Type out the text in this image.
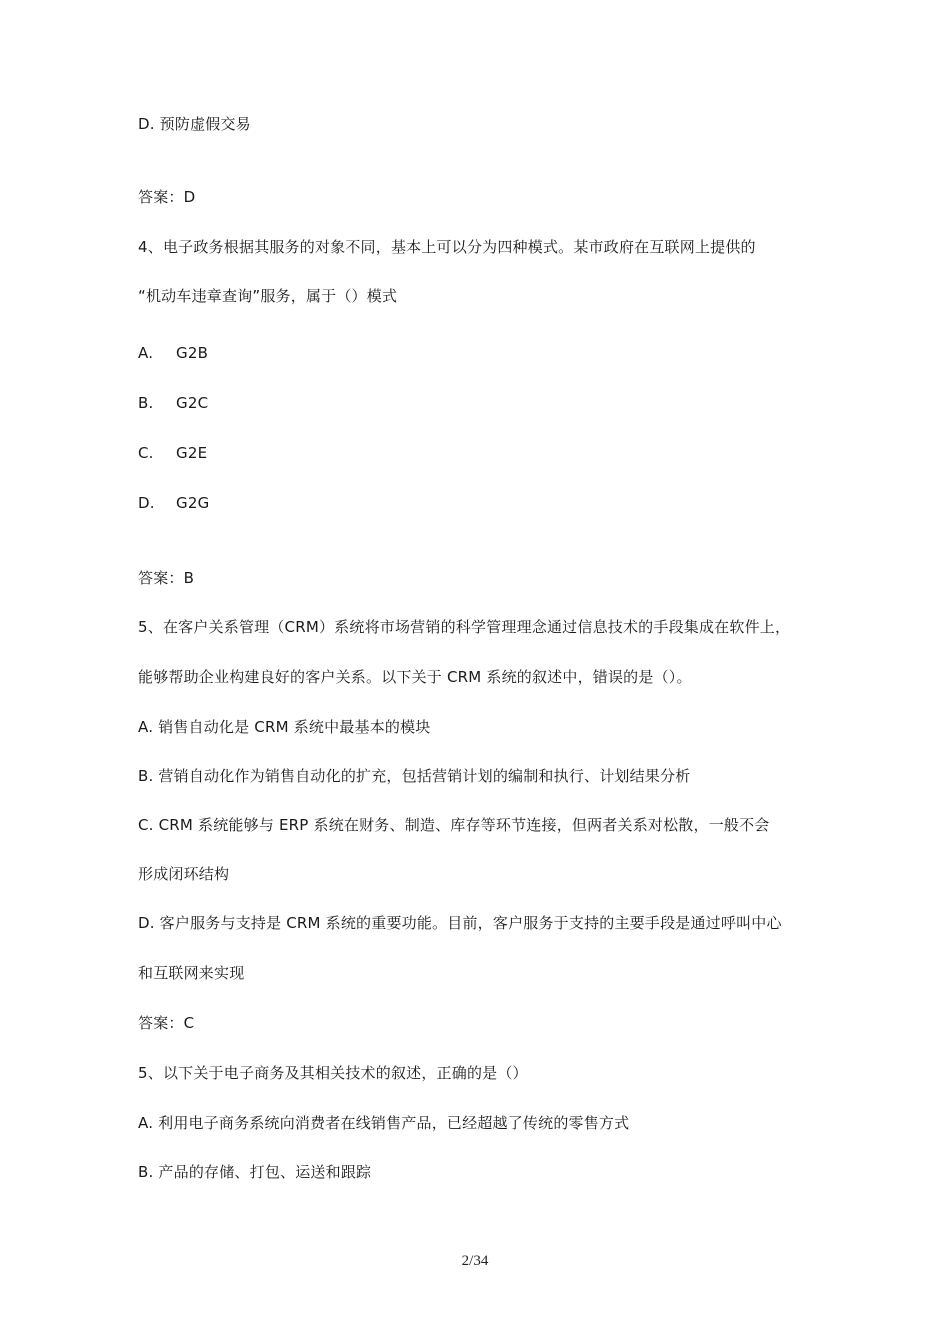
D. 预防虚假交易
答案：D
4、电子政务根据其服务的对象不同，基本上可以分为四种模式。某市政府在互联网上提供的
“机动车违章查询”服务，属于（）模式
A. G2B
B. G2C
C. G2E
D. G2G
答案：B
5、在客户关系管理（CRM）系统将市场营销的科学管理理念通过信息技术的手段集成在软件上，
能够帮助企业构建良好的客户关系。以下关于 CRM 系统的叙述中，错误的是（）。
A. 销售自动化是 CRM 系统中最基本的模块
B. 营销自动化作为销售自动化的扩充，包括营销计划的编制和执行、计划结果分析
C. CRM 系统能够与 ERP 系统在财务、制造、库存等环节连接，但两者关系对松散，一般不会
形成闭环结构
D. 客户服务与支持是 CRM 系统的重要功能。目前，客户服务于支持的主要手段是通过呼叫中心
和互联网来实现
答案：C
5、以下关于电子商务及其相关技术的叙述，正确的是（）
A. 利用电子商务系统向消费者在线销售产品，已经超越了传统的零售方式
B. 产品的存储、打包、运送和跟踪
2/34
